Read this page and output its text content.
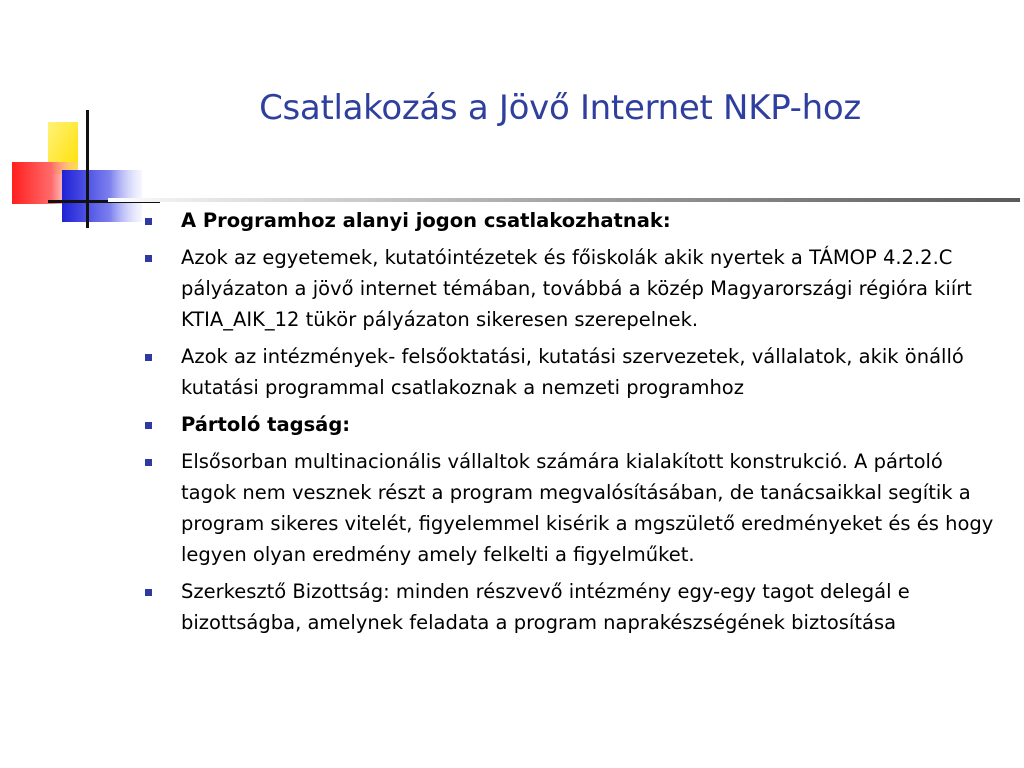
Csatlakozás a Jövő Internet NKP-hoz
A Programhoz alanyi jogon csatlakozhatnak:
Azok az egyetemek, kutatóintézetek és főiskolák akik nyertek a TÁMOP 4.2.2.C pályázaton a jövő internet témában, továbbá a közép Magyarországi régióra kiírt KTIA_AIK_12 tükör pályázaton sikeresen szerepelnek.
Azok az intézmények- felsőoktatási, kutatási szervezetek, vállalatok, akik önálló kutatási programmal csatlakoznak a nemzeti programhoz
Pártoló tagság:
Elsősorban multinacionális vállaltok számára kialakított konstrukció. A pártoló tagok nem vesznek részt a program megvalósításában, de tanácsaikkal segítik a program sikeres vitelét, figyelemmel kisérik a mgszülető eredményeket és és hogy legyen olyan eredmény amely felkelti a figyelműket.
Szerkesztő Bizottság: minden részvevő intézmény egy-egy tagot delegál e bizottságba, amelynek feladata a program naprakészségének biztosítása
